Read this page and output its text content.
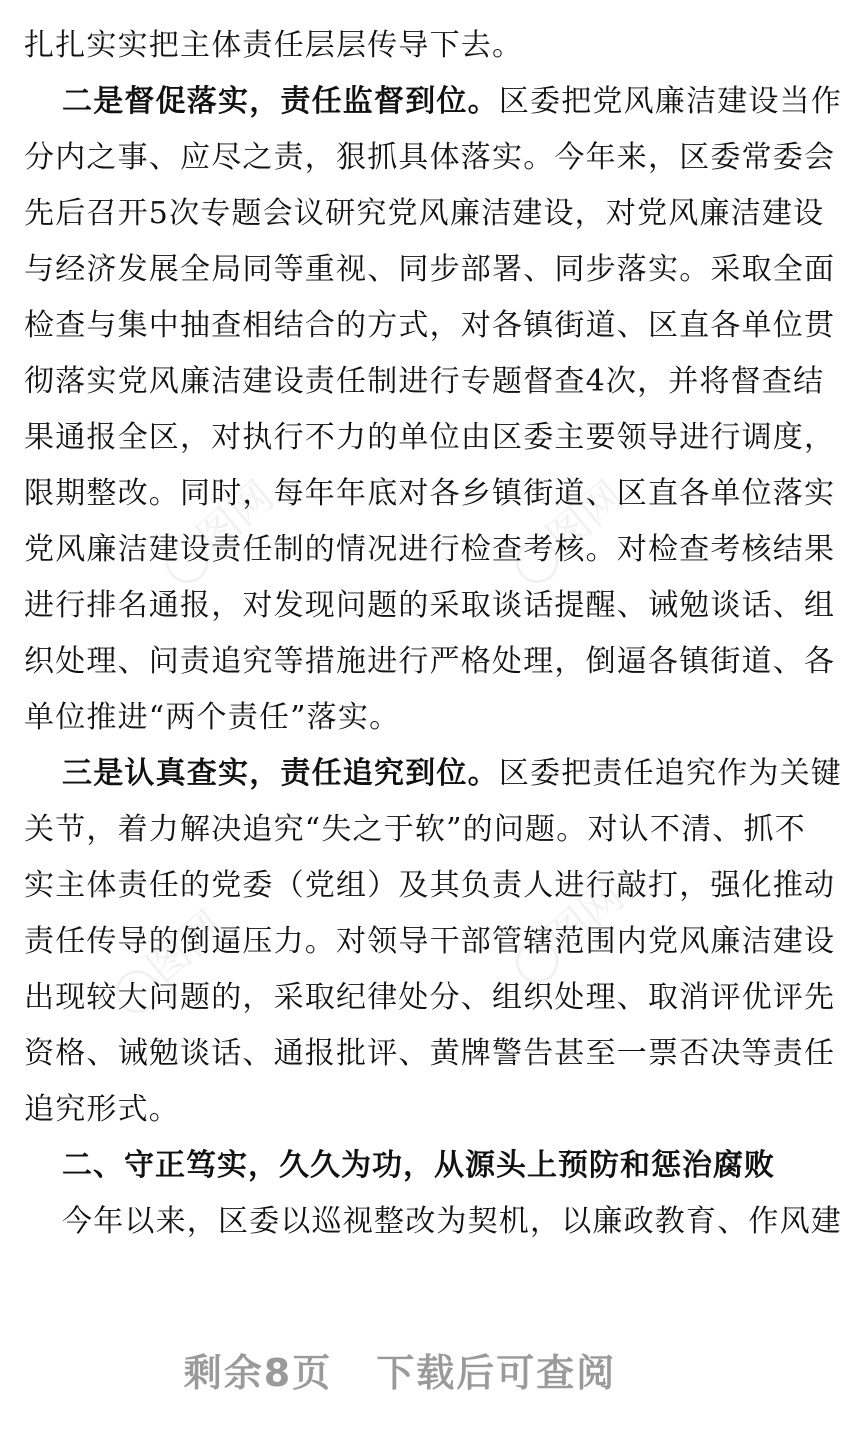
◯图网	◯图网
◯图网	◯图网
扎扎实实把主体责任层层传导下去。
二是督促落实，责任监督到位。区委把党风廉洁建设当作
分内之事、应尽之责，狠抓具体落实。今年来，区委常委会
先后召开5次专题会议研究党风廉洁建设，对党风廉洁建设
与经济发展全局同等重视、同步部署、同步落实。采取全面
检查与集中抽查相结合的方式，对各镇街道、区直各单位贯
彻落实党风廉洁建设责任制进行专题督查4次，并将督查结
果通报全区，对执行不力的单位由区委主要领导进行调度，
限期整改。同时，每年年底对各乡镇街道、区直各单位落实
党风廉洁建设责任制的情况进行检查考核。对检查考核结果
进行排名通报，对发现问题的采取谈话提醒、诫勉谈话、组
织处理、问责追究等措施进行严格处理，倒逼各镇街道、各
单位推进“两个责任”落实。
三是认真查实，责任追究到位。区委把责任追究作为关键
关节，着力解决追究“失之于软”的问题。对认不清、抓不
实主体责任的党委（党组）及其负责人进行敲打，强化推动
责任传导的倒逼压力。对领导干部管辖范围内党风廉洁建设
出现较大问题的，采取纪律处分、组织处理、取消评优评先
资格、诫勉谈话、通报批评、黄牌警告甚至一票否决等责任
追究形式。
二、守正笃实，久久为功，从源头上预防和惩治腐败
今年以来，区委以巡视整改为契机，以廉政教育、作风建
剩余8页 下载后可查阅
